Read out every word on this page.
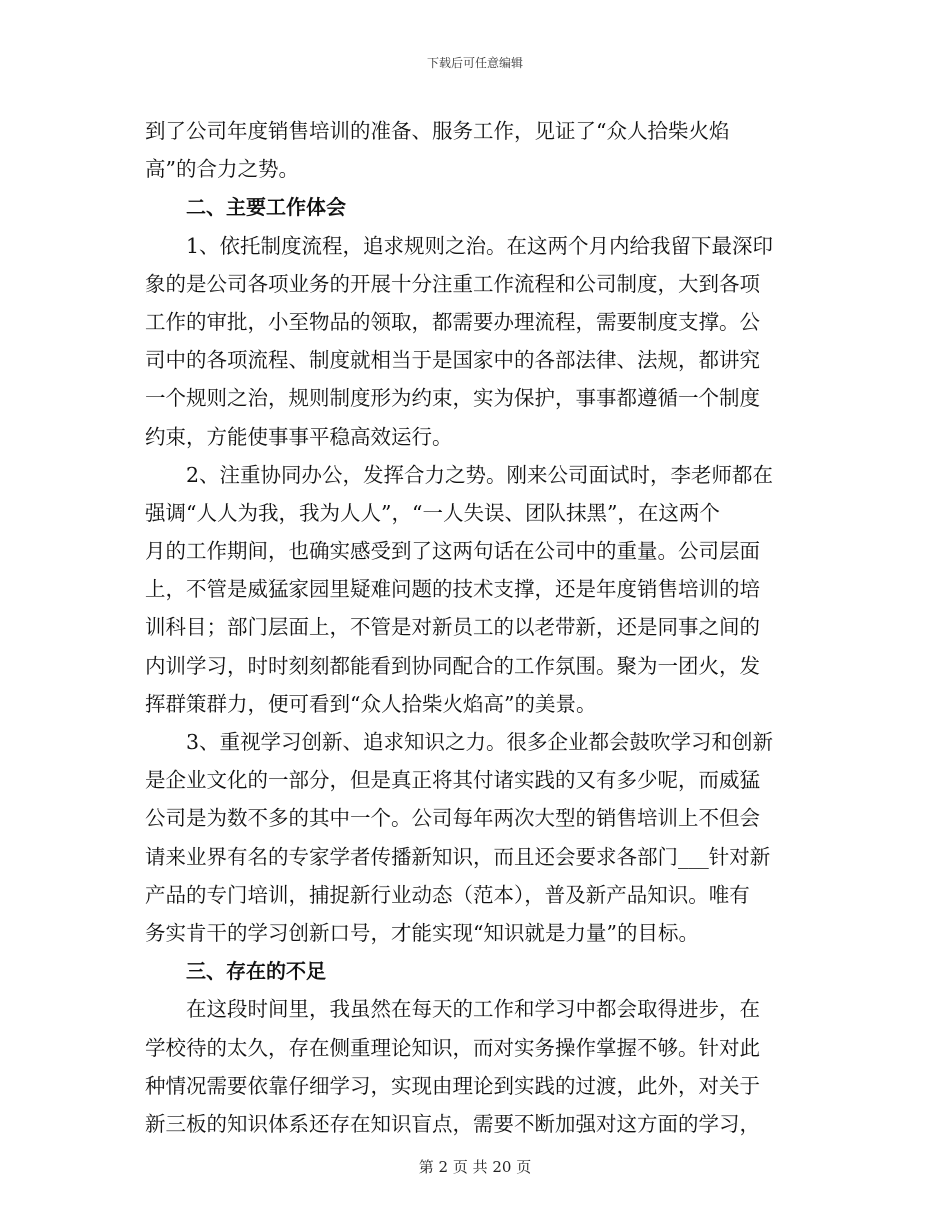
下载后可任意编辑
到了公司年度销售培训的准备、服务工作，见证了“众人拾柴火焰
高”的合力之势。
二、主要工作体会
1、依托制度流程，追求规则之治。在这两个月内给我留下最深印
象的是公司各项业务的开展十分注重工作流程和公司制度，大到各项
工作的审批，小至物品的领取，都需要办理流程，需要制度支撑。公
司中的各项流程、制度就相当于是国家中的各部法律、法规，都讲究
一个规则之治，规则制度形为约束，实为保护，事事都遵循一个制度
约束，方能使事事平稳高效运行。
2、注重协同办公，发挥合力之势。刚来公司面试时，李老师都在
强调“人人为我，我为人人”，“一人失误、团队抹黑”，在这两个
月的工作期间，也确实感受到了这两句话在公司中的重量。公司层面
上，不管是威猛家园里疑难问题的技术支撑，还是年度销售培训的培
训科目；部门层面上，不管是对新员工的以老带新，还是同事之间的
内训学习，时时刻刻都能看到协同配合的工作氛围。聚为一团火，发
挥群策群力，便可看到“众人拾柴火焰高”的美景。
3、重视学习创新、追求知识之力。很多企业都会鼓吹学习和创新
是企业文化的一部分，但是真正将其付诸实践的又有多少呢，而威猛
公司是为数不多的其中一个。公司每年两次大型的销售培训上不但会
请来业界有名的专家学者传播新知识，而且还会要求各部门___针对新
产品的专门培训，捕捉新行业动态（范本），普及新产品知识。唯有
务实肯干的学习创新口号，才能实现“知识就是力量”的目标。
三、存在的不足
在这段时间里，我虽然在每天的工作和学习中都会取得进步，在
学校待的太久，存在侧重理论知识，而对实务操作掌握不够。针对此
种情况需要依靠仔细学习，实现由理论到实践的过渡，此外，对关于
新三板的知识体系还存在知识盲点，需要不断加强对这方面的学习，
第 2 页 共 20 页
